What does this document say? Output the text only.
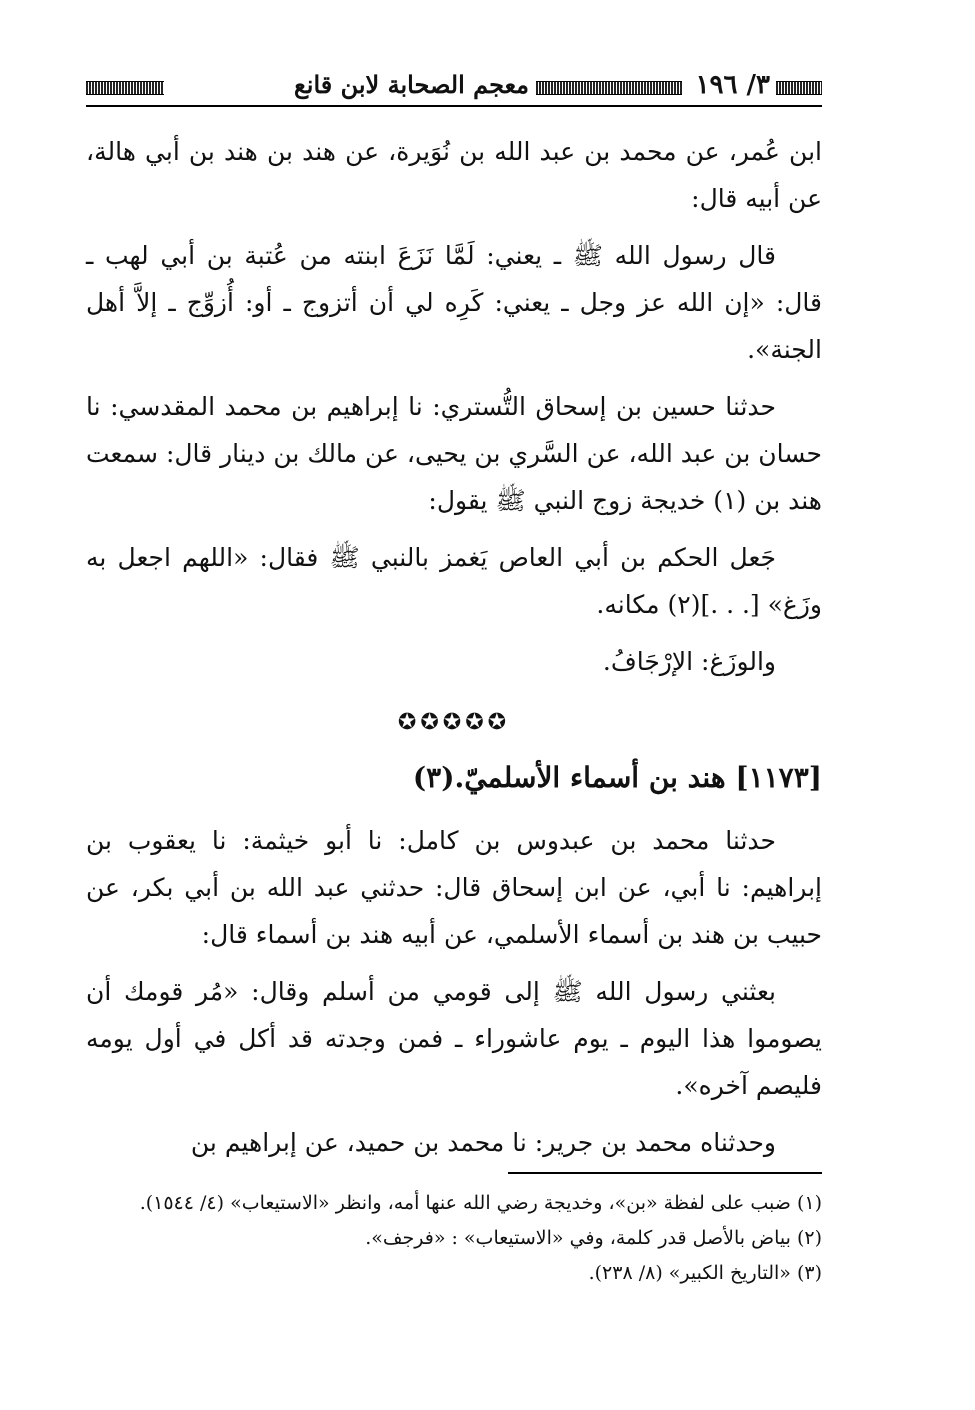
٣/ ١٩٦
معجم الصحابة لابن قانع

ابن عُمر، عن محمد بن عبد الله بن نُوَيرة، عن هند بن هند بن أبي هالة، عن أبيه قال:

قال رسول الله ﷺ ـ يعني: لَمَّا نَزَعَ ابنته من عُتبة بن أبي لهب ـ قال: «إن الله عز وجل ـ يعني: كَرِه لي أن أتزوج ـ أو: أُزوِّج ـ إلاَّ أهل الجنة».

حدثنا حسين بن إسحاق التُّستري: نا إبراهيم بن محمد المقدسي: نا حسان بن عبد الله، عن السَّري بن يحيى، عن مالك بن دينار قال: سمعت هند بن (١) خديجة زوج النبي ﷺ يقول:

جَعل الحكم بن أبي العاص يَغمز بالنبي ﷺ فقال: «اللهم اجعل به وزَغ» [. . .](٢) مكانه.

والوزَغ: الإرْجَافُ.

✪✪✪✪✪

[١١٧٣] هند بن أسماء الأسلميّ.(٣)

حدثنا محمد بن عبدوس بن كامل: نا أبو خيثمة: نا يعقوب بن إبراهيم: نا أبي، عن ابن إسحاق قال: حدثني عبد الله بن أبي بكر، عن حبيب بن هند بن أسماء الأسلمي، عن أبيه هند بن أسماء قال:

بعثني رسول الله ﷺ إلى قومي من أسلم وقال: «مُر قومك أن يصوموا هذا اليوم ـ يوم عاشوراء ـ فمن وجدته قد أكل في أول يومه فليصم آخره».

وحدثناه محمد بن جرير: نا محمد بن حميد، عن إبراهيم بن

(١) ضبب على لفظة «بن»، وخديجة رضي الله عنها أمه، وانظر «الاستيعاب» (٤/ ١٥٤٤).
(٢) بياض بالأصل قدر كلمة، وفي «الاستيعاب» : «فرجف».
(٣) «التاريخ الكبير» (٨/ ٢٣٨).
